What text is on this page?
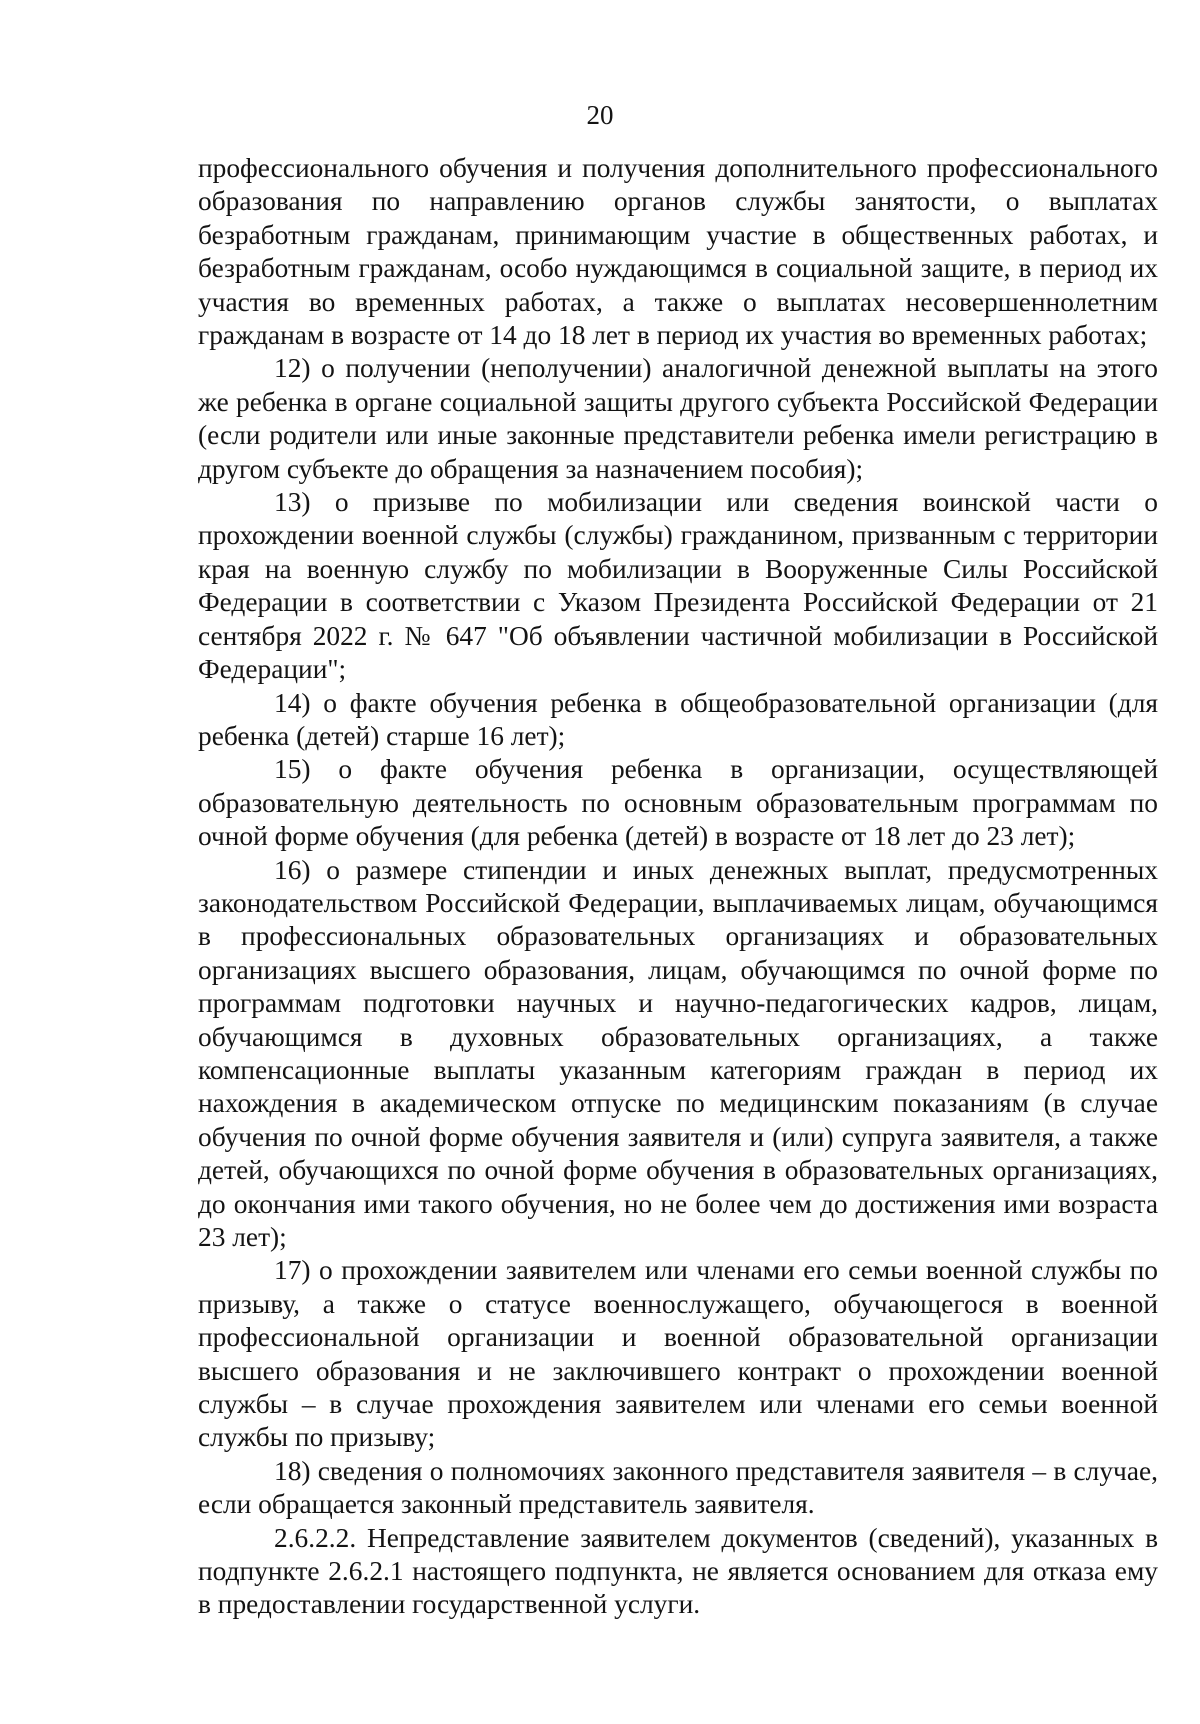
20

профессионального обучения и получения дополнительного профессионального образования по направлению органов службы занятости, о выплатах безработным гражданам, принимающим участие в общественных работах, и безработным гражданам, особо нуждающимся в социальной защите, в период их участия во временных работах, а также о выплатах несовершеннолетним гражданам в возрасте от 14 до 18 лет в период их участия во временных работах;

12) о получении (неполучении) аналогичной денежной выплаты на этого же ребенка в органе социальной защиты другого субъекта Российской Федерации (если родители или иные законные представители ребенка имели регистрацию в другом субъекте до обращения за назначением пособия);

13) о призыве по мобилизации или сведения воинской части о прохождении военной службы (службы) гражданином, призванным с территории края на военную службу по мобилизации в Вооруженные Силы Российской Федерации в соответствии с Указом Президента Российской Федерации от 21 сентября 2022 г. № 647 "Об объявлении частичной мобилизации в Российской Федерации";

14) о факте обучения ребенка в общеобразовательной организации (для ребенка (детей) старше 16 лет);

15) о факте обучения ребенка в организации, осуществляющей образовательную деятельность по основным образовательным программам по очной форме обучения (для ребенка (детей) в возрасте от 18 лет до 23 лет);

16) о размере стипендии и иных денежных выплат, предусмотренных законодательством Российской Федерации, выплачиваемых лицам, обучающимся в профессиональных образовательных организациях и образовательных организациях высшего образования, лицам, обучающимся по очной форме по программам подготовки научных и научно-педагогических кадров, лицам, обучающимся в духовных образовательных организациях, а также компенсационные выплаты указанным категориям граждан в период их нахождения в академическом отпуске по медицинским показаниям (в случае обучения по очной форме обучения заявителя и (или) супруга заявителя, а также детей, обучающихся по очной форме обучения в образовательных организациях, до окончания ими такого обучения, но не более чем до достижения ими возраста 23 лет);

17) о прохождении заявителем или членами его семьи военной службы по призыву, а также о статусе военнослужащего, обучающегося в военной профессиональной организации и военной образовательной организации высшего образования и не заключившего контракт о прохождении военной службы – в случае прохождения заявителем или членами его семьи военной службы по призыву;

18) сведения о полномочиях законного представителя заявителя – в случае, если обращается законный представитель заявителя.

2.6.2.2. Непредставление заявителем документов (сведений), указанных в подпункте 2.6.2.1 настоящего подпункта, не является основанием для отказа ему в предоставлении государственной услуги.
